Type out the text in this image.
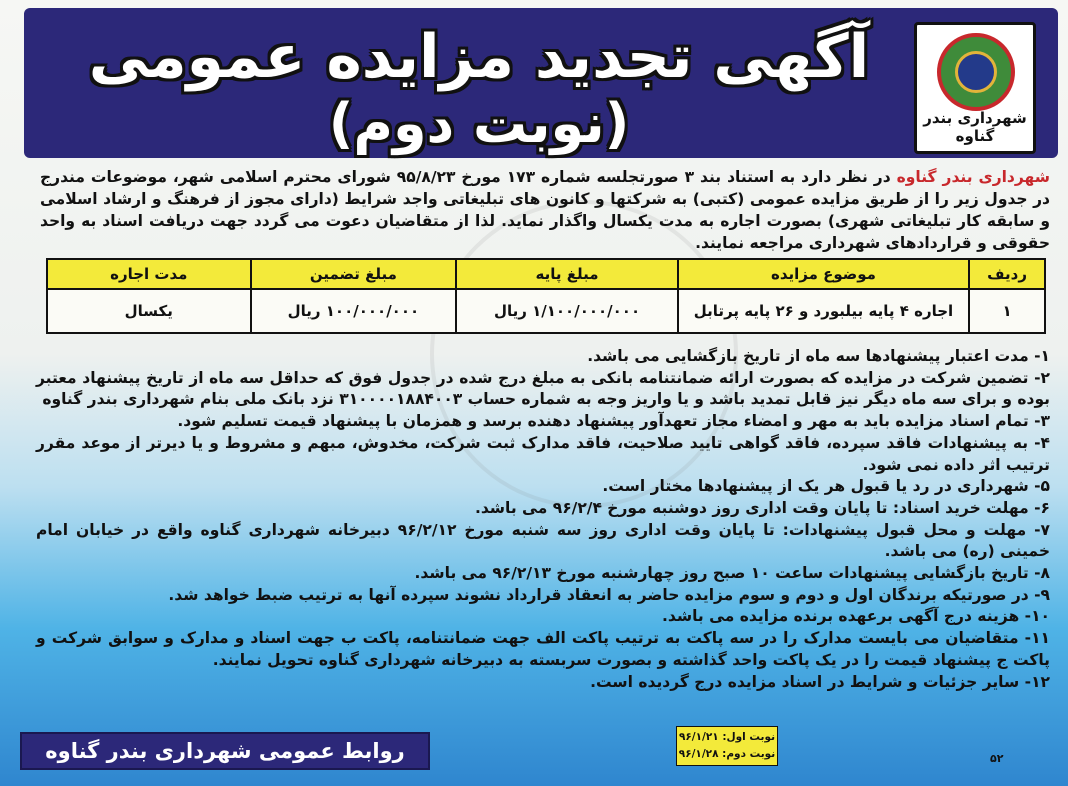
آگهی تجدید مزایده عمومی
(نوبت دوم)	شهرداری بندر گناوه
شهرداری بندر گناوه در نظر دارد به استناد بند ۳ صورتجلسه شماره ۱۷۳ مورخ ۹۵/۸/۲۳ شورای محترم اسلامی شهر، موضوعات مندرج در جدول زیر را از طریق مزایده عمومی (کتبی) به شرکتها و کانون های تبلیغاتی واجد شرایط (دارای مجوز از فرهنگ و ارشاد اسلامی و سابقه کار تبلیغاتی شهری) بصورت اجاره به مدت یکسال واگذار نماید. لذا از متقاضیان دعوت می گردد جهت دریافت اسناد به واحد حقوقی و قراردادهای شهرداری مراجعه نمایند.
ردیف	موضوع مزایده	مبلغ پایه	مبلغ تضمین	مدت اجاره
۱	اجاره ۴ پایه بیلبورد و ۲۶ پایه پرتابل	۱/۱۰۰/۰۰۰/۰۰۰ ریال	۱۰۰/۰۰۰/۰۰۰ ریال	یکسال
۱- مدت اعتبار پیشنهادها سه ماه از تاریخ بازگشایی می باشد.
۲- تضمین شرکت در مزایده که بصورت ارائه ضمانتنامه بانکی به مبلغ درج شده در جدول فوق که حداقل سه ماه از تاریخ پیشنهاد معتبر بوده و برای سه ماه دیگر نیز قابل تمدید باشد و یا واریز وجه به شماره حساب ۳۱۰۰۰۰۱۸۸۴۰۰۳ نزد بانک ملی بنام شهرداری بندر گناوه
۳- تمام اسناد مزایده باید به مهر و امضاء مجاز تعهدآور پیشنهاد دهنده برسد و همزمان با پیشنهاد قیمت تسلیم شود.
۴- به پیشنهادات فاقد سپرده، فاقد گواهی تایید صلاحیت، فاقد مدارک ثبت شرکت، مخدوش، مبهم و مشروط و یا دیرتر از موعد مقرر ترتیب اثر داده نمی شود.
۵- شهرداری در رد یا قبول هر یک از پیشنهادها مختار است.
۶- مهلت خرید اسناد: تا پایان وقت اداری روز دوشنبه مورخ ۹۶/۲/۴ می باشد.
۷- مهلت و محل قبول پیشنهادات: تا پایان وقت اداری روز سه شنبه مورخ ۹۶/۲/۱۲ دبیرخانه شهرداری گناوه واقع در خیابان امام خمینی (ره) می باشد.
۸- تاریخ بازگشایی پیشنهادات ساعت ۱۰ صبح روز چهارشنبه مورخ ۹۶/۲/۱۳ می باشد.
۹- در صورتیکه برندگان اول و دوم و سوم مزایده حاضر به انعقاد قرارداد نشوند سپرده آنها به ترتیب ضبط خواهد شد.
۱۰- هزینه درج آگهی برعهده برنده مزایده می باشد.
۱۱- متقاضیان می بایست مدارک را در سه پاکت به ترتیب پاکت الف جهت ضمانتنامه، پاکت ب جهت اسناد و مدارک و سوابق شرکت و پاکت ج پیشنهاد قیمت را در یک پاکت واحد گذاشته و بصورت سربسته به دبیرخانه شهرداری گناوه تحویل نمایند.
۱۲- سایر جزئیات و شرایط در اسناد مزایده درج گردیده است.
نوبت اول: ۹۶/۱/۲۱
نوبت دوم: ۹۶/۱/۲۸
روابط عمومی شهرداری بندر گناوه	۵۲
